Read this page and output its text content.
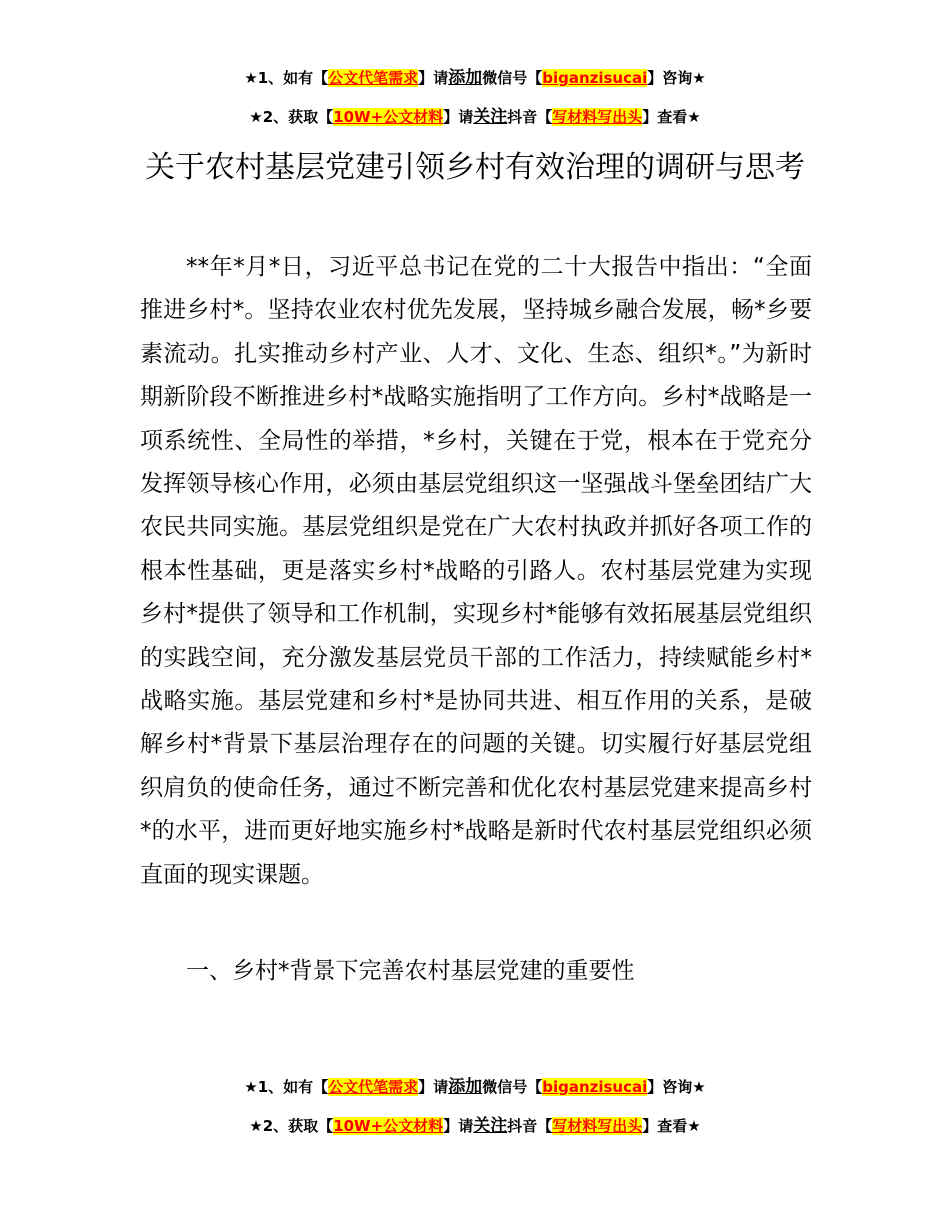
★1、如有【公文代笔需求】请添加微信号【biganzisucai】咨询★
★2、获取【10W+公文材料】请关注抖音【写材料写出头】查看★
关于农村基层党建引领乡村有效治理的调研与思考

**年*月*日，习近平总书记在党的二十大报告中指出：“全面推进乡村*。坚持农业农村优先发展，坚持城乡融合发展，畅*乡要素流动。扎实推动乡村产业、人才、文化、生态、组织*。”为新时期新阶段不断推进乡村*战略实施指明了工作方向。乡村*战略是一项系统性、全局性的举措，*乡村，关键在于党，根本在于党充分发挥领导核心作用，必须由基层党组织这一坚强战斗堡垒团结广大农民共同实施。基层党组织是党在广大农村执政并抓好各项工作的根本性基础，更是落实乡村*战略的引路人。农村基层党建为实现乡村*提供了领导和工作机制，实现乡村*能够有效拓展基层党组织的实践空间，充分激发基层党员干部的工作活力，持续赋能乡村*战略实施。基层党建和乡村*是协同共进、相互作用的关系，是破解乡村*背景下基层治理存在的问题的关键。切实履行好基层党组织肩负的使命任务，通过不断完善和优化农村基层党建来提高乡村*的水平，进而更好地实施乡村*战略是新时代农村基层党组织必须直面的现实课题。

一、乡村*背景下完善农村基层党建的重要性

★1、如有【公文代笔需求】请添加微信号【biganzisucai】咨询★
★2、获取【10W+公文材料】请关注抖音【写材料写出头】查看★
